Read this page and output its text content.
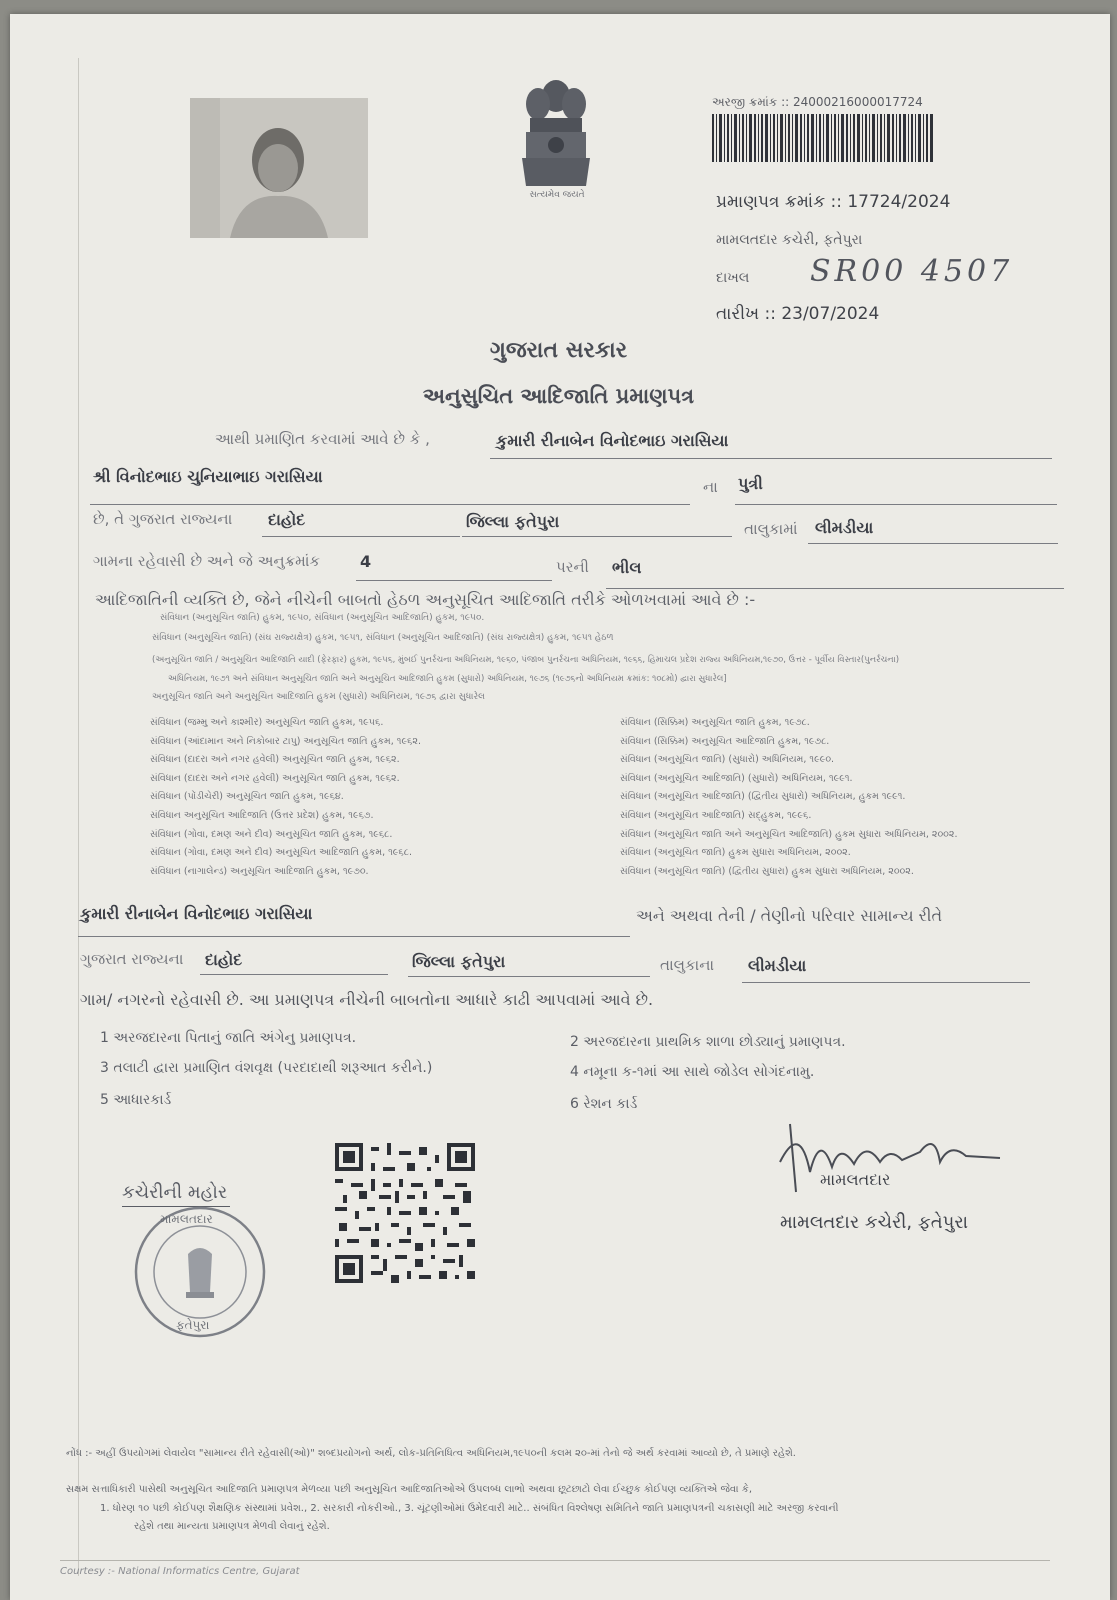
સત્યમેવ જયતે
અરજી ક્રમાંક :: 24000216000017724
પ્રમાણપત્ર ક્રમાંક :: 17724/2024
મામલતદાર કચેરી, ફતેપુરા
દાખલ SR00 4507
તારીખ :: 23/07/2024
ગુજરાત સરકાર
અનુસુચિત આદિજાતિ પ્રમાણપત્ર
આથી પ્રમાણિત કરવામાં આવે છે કે ,	કુમારી રીનાબેન વિનોદભાઇ ગરાસિયા
શ્રી વિનોદભાઇ ચુનિયાભાઇ ગરાસિયા
ના પુત્રી
છે, તે ગુજરાત રાજ્યના દાહોદ	જિલ્લા ફતેપુરા	તાલુકામાં લીમડીયા
ગામના રહેવાસી છે અને જે અનુક્રમાંક 4	પરની ભીલ
આદિજાતિની વ્યક્તિ છે, જેને નીચેની બાબતો હેઠળ અનુસૂચિત આદિજાતિ તરીકે ઓળખવામાં આવે છે :-
સંવિધાન (અનુસૂચિત જાતિ) હુકમ, ૧૯૫૦, સંવિધાન (અનુસૂચિત આદિજાતિ) હુકમ, ૧૯૫૦.
સંવિધાન (અનુસૂચિત જાતિ) (સંઘ રાજ્યક્ષેત્ર) હુકમ, ૧૯૫૧, સંવિધાન (અનુસૂચિત આદિજાતિ) (સંઘ રાજ્યક્ષેત્ર) હુકમ, ૧૯૫૧ હેઠળ
(અનુસૂચિત જાતિ / અનુસૂચિત આદિજાતિ યાદી (ફેરફાર) હુકમ, ૧૯૫૬, મુંબઈ પુનર્રચના અધિનિયમ, ૧૯૬૦, પંજાબ પુનર્રચના અધિનિયમ, ૧૯૬૬, હિમાચલ પ્રદેશ રાજ્ય અધિનિયમ,૧૯૭૦, ઉત્તર - પૂર્વીય વિસ્તાર(પુનર્રચના)
અધિનિયમ, ૧૯૭૧ અને સંવિધાન અનુસૂચિત જાતિ અને અનુસૂચિત આદિજાતિ હુકમ (સુધારો) અધિનિયમ, ૧૯૭૬ (૧૯૭૬નો અધિનિયમ ક્રમાંક: ૧૦૮મો) દ્વારા સુધારેલ]
અનુસૂચિત જાતિ અને અનુસૂચિત આદિજાતિ હુકમ (સુધારો) અધિનિયમ, ૧૯૭૬ દ્વારા સુધારેલ
સંવિધાન (જમ્મુ અને કાશ્મીર) અનુસૂચિત જાતિ હુકમ, ૧૯૫૬.
સંવિધાન (આંદામાન અને નિકોબાર ટાપુ) અનુસૂચિત જાતિ હુકમ, ૧૯૬૨.
સંવિધાન (દાદરા અને નગર હવેલી) અનુસૂચિત જાતિ હુકમ, ૧૯૬૨.
સંવિધાન (દાદરા અને નગર હવેલી) અનુસૂચિત જાતિ હુકમ, ૧૯૬૨.
સંવિધાન (પોંડીચેરી) અનુસૂચિત જાતિ હુકમ, ૧૯૬૪.
સંવિધાન અનુસૂચિત આદિજાતિ (ઉત્તર પ્રદેશ) હુકમ, ૧૯૬૭.
સંવિધાન (ગોવા, દમણ અને દીવ) અનુસૂચિત જાતિ હુકમ, ૧૯૬૮.
સંવિધાન (ગોવા, દમણ અને દીવ) અનુસૂચિત આદિજાતિ હુકમ, ૧૯૬૮.
સંવિધાન (નાગાલેન્ડ) અનુસૂચિત આદિજાતિ હુકમ, ૧૯૭૦.
સંવિધાન (સિક્કિમ) અનુસૂચિત જાતિ હુકમ, ૧૯૭૮.
સંવિધાન (સિક્કિમ) અનુસૂચિત આદિજાતિ હુકમ, ૧૯૭૮.
સંવિધાન (અનુસૂચિત જાતિ) (સુધારો) અધિનિયમ, ૧૯૯૦.
સંવિધાન (અનુસૂચિત આદિજાતિ) (સુધારો) અધિનિયમ, ૧૯૯૧.
સંવિધાન (અનુસૂચિત આદિજાતિ) (દ્વિતીય સુધારો) અધિનિયમ, હુકમ ૧૯૯૧.
સંવિધાન (અનુસૂચિત આદિજાતિ) સદ્હુકમ, ૧૯૯૬.
સંવિધાન (અનુસૂચિત જાતિ અને અનુસૂચિત આદિજાતિ) હુકમ સુધારા અધિનિયમ, ૨૦૦૨.
સંવિધાન (અનુસૂચિત જાતિ) હુકમ સુધારા અધિનિયમ, ૨૦૦૨.
સંવિધાન (અનુસૂચિત જાતિ) (દ્વિતીય સુધારા) હુકમ સુધારા અધિનિયમ, ૨૦૦૨.
કુમારી રીનાબેન વિનોદભાઇ ગરાસિયા	અને અથવા તેની / તેણીનો પરિવાર સામાન્ય રીતે
ગુજરાત રાજ્યના દાહોદ	જિલ્લા ફતેપુરા	તાલુકાના લીમડીયા
ગામ/ નગરનો રહેવાસી છે. આ પ્રમાણપત્ર નીચેની બાબતોના આધારે કાઢી આપવામાં આવે છે.
1 અરજદારના પિતાનું જાતિ અંગેનુ પ્રમાણપત્ર.	2 અરજદારના પ્રાથમિક શાળા છોડ્યાનું પ્રમાણપત્ર.
3 તલાટી દ્વારા પ્રમાણિત વંશવૃક્ષ (પરદાદાથી શરૂઆત કરીને.)	4 નમૂના ક-૧માં આ સાથે જોડેલ સોગંદનામુ.
5 આધારકાર્ડ	6 રેશન કાર્ડ
કચેરીની મહોર
મામલતદાર
ફતેપુરા
મામલતદાર
મામલતદાર કચેરી, ફતેપુરા
નોંધ :- અહીં ઉપયોગમાં લેવાયેલ "સામાન્ય રીતે રહેવાસી(ઓ)" શબ્દપ્રયોગનો અર્થ, લોક-પ્રતિનિધિત્વ અધિનિયમ,૧૯૫૦ની કલમ ૨૦-માં તેનો જે અર્થ કરવામાં આવ્યો છે, તે પ્રમાણે રહેશે.
સક્ષમ સત્તાધિકારી પાસેથી અનુસૂચિત આદિજાતિ પ્રમાણપત્ર મેળવ્યા પછી અનુસૂચિત આદિજાતિઓએ ઉપલબ્ધ લાભો અથવા છૂટછાટો લેવા ઈચ્છુક કોઈપણ વ્યક્તિએ જેવા કે,
1. ધોરણ ૧૦ પછી કોઈપણ શૈક્ષણિક સંસ્થામાં પ્રવેશ., 2. સરકારી નોકરીઓ., 3. ચૂંટણીઓમાં ઉમેદવારી માટે.. સંબંધિત વિશ્લેષણ સમિતિને જાતિ પ્રમાણપત્રની ચકાસણી માટે અરજી કરવાની
રહેશે તથા માન્યતા પ્રમાણપત્ર મેળવી લેવાનું રહેશે.
Courtesy :- National Informatics Centre, Gujarat
